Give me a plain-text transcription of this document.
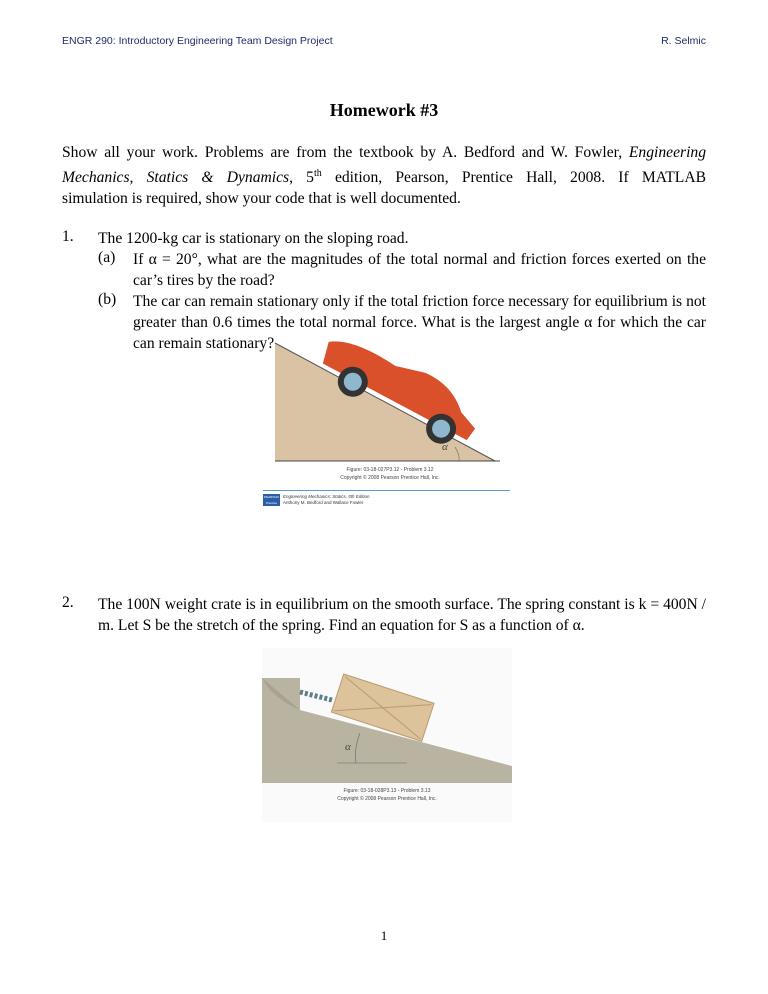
ENGR 290: Introductory Engineering Team Design Project	R. Selmic
Homework #3
Show all your work. Problems are from the textbook by A. Bedford and W. Fowler, Engineering
Mechanics, Statics & Dynamics, 5th edition, Pearson, Prentice Hall, 2008. If MATLAB
simulation is required, show your code that is well documented.
1. The 1200-kg car is stationary on the sloping road.
(a) If α = 20°, what are the magnitudes of the total normal and friction forces exerted on the car’s tires by the road?
(b) The car can remain stationary only if the total friction force necessary for equilibrium is not greater than 0.6 times the total normal force. What is the largest angle α for which the car can remain stationary?
α
Figure: 03-18-027P3.12 - Problem 3.12
Copyright © 2008 Pearson Prentice Hall, Inc.
PEARSON
Prentice
Engineering Mechanics: Statics, 5th Edition
Anthony M. Bedford and Wallace Fowler
2. The 100N weight crate is in equilibrium on the smooth surface. The spring constant is k = 400N / m. Let S be the stretch of the spring. Find an equation for S as a function of α.
α
Figure: 03-18-028P3.13 - Problem 3.13
Copyright © 2008 Pearson Prentice Hall, Inc.
1
